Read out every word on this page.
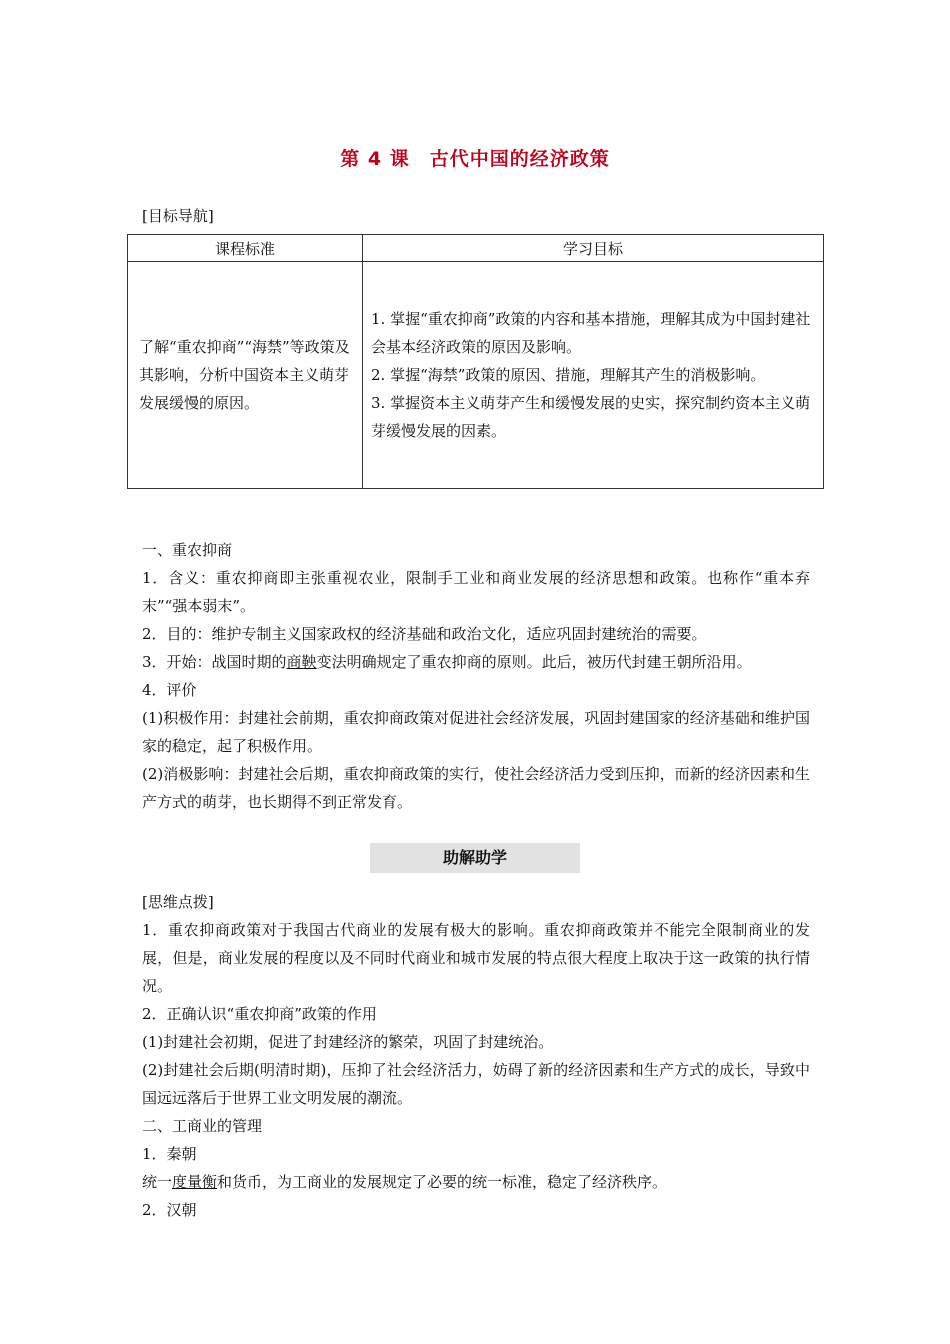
第 4 课 古代中国的经济政策
[目标导航]
课程标准	学习目标
了解“重农抑商”“海禁”等政策及其影响，分析中国资本主义萌芽发展缓慢的原因。	1. 掌握“重农抑商”政策的内容和基本措施，理解其成为中国封建社会基本经济政策的原因及影响。
2. 掌握“海禁”政策的原因、措施，理解其产生的消极影响。
3. 掌握资本主义萌芽产生和缓慢发展的史实，探究制约资本主义萌芽缓慢发展的因素。

一、重农抑商

1．含义：重农抑商即主张重视农业，限制手工业和商业发展的经济思想和政策。也称作“重本弃末”“强本弱末”。

2．目的：维护专制主义国家政权的经济基础和政治文化，适应巩固封建统治的需要。

3．开始：战国时期的商鞅变法明确规定了重农抑商的原则。此后，被历代封建王朝所沿用。

4．评价

(1)积极作用：封建社会前期，重农抑商政策对促进社会经济发展，巩固封建国家的经济基础和维护国家的稳定，起了积极作用。

(2)消极影响：封建社会后期，重农抑商政策的实行，使社会经济活力受到压抑，而新的经济因素和生产方式的萌芽，也长期得不到正常发育。

助解助学

[思维点拨]

1．重农抑商政策对于我国古代商业的发展有极大的影响。重农抑商政策并不能完全限制商业的发展，但是，商业发展的程度以及不同时代商业和城市发展的特点很大程度上取决于这一政策的执行情况。

2．正确认识“重农抑商”政策的作用

(1)封建社会初期，促进了封建经济的繁荣，巩固了封建统治。

(2)封建社会后期(明清时期)，压抑了社会经济活力，妨碍了新的经济因素和生产方式的成长，导致中国远远落后于世界工业文明发展的潮流。

二、工商业的管理

1．秦朝

统一度量衡和货币，为工商业的发展规定了必要的统一标准，稳定了经济秩序。

2．汉朝
